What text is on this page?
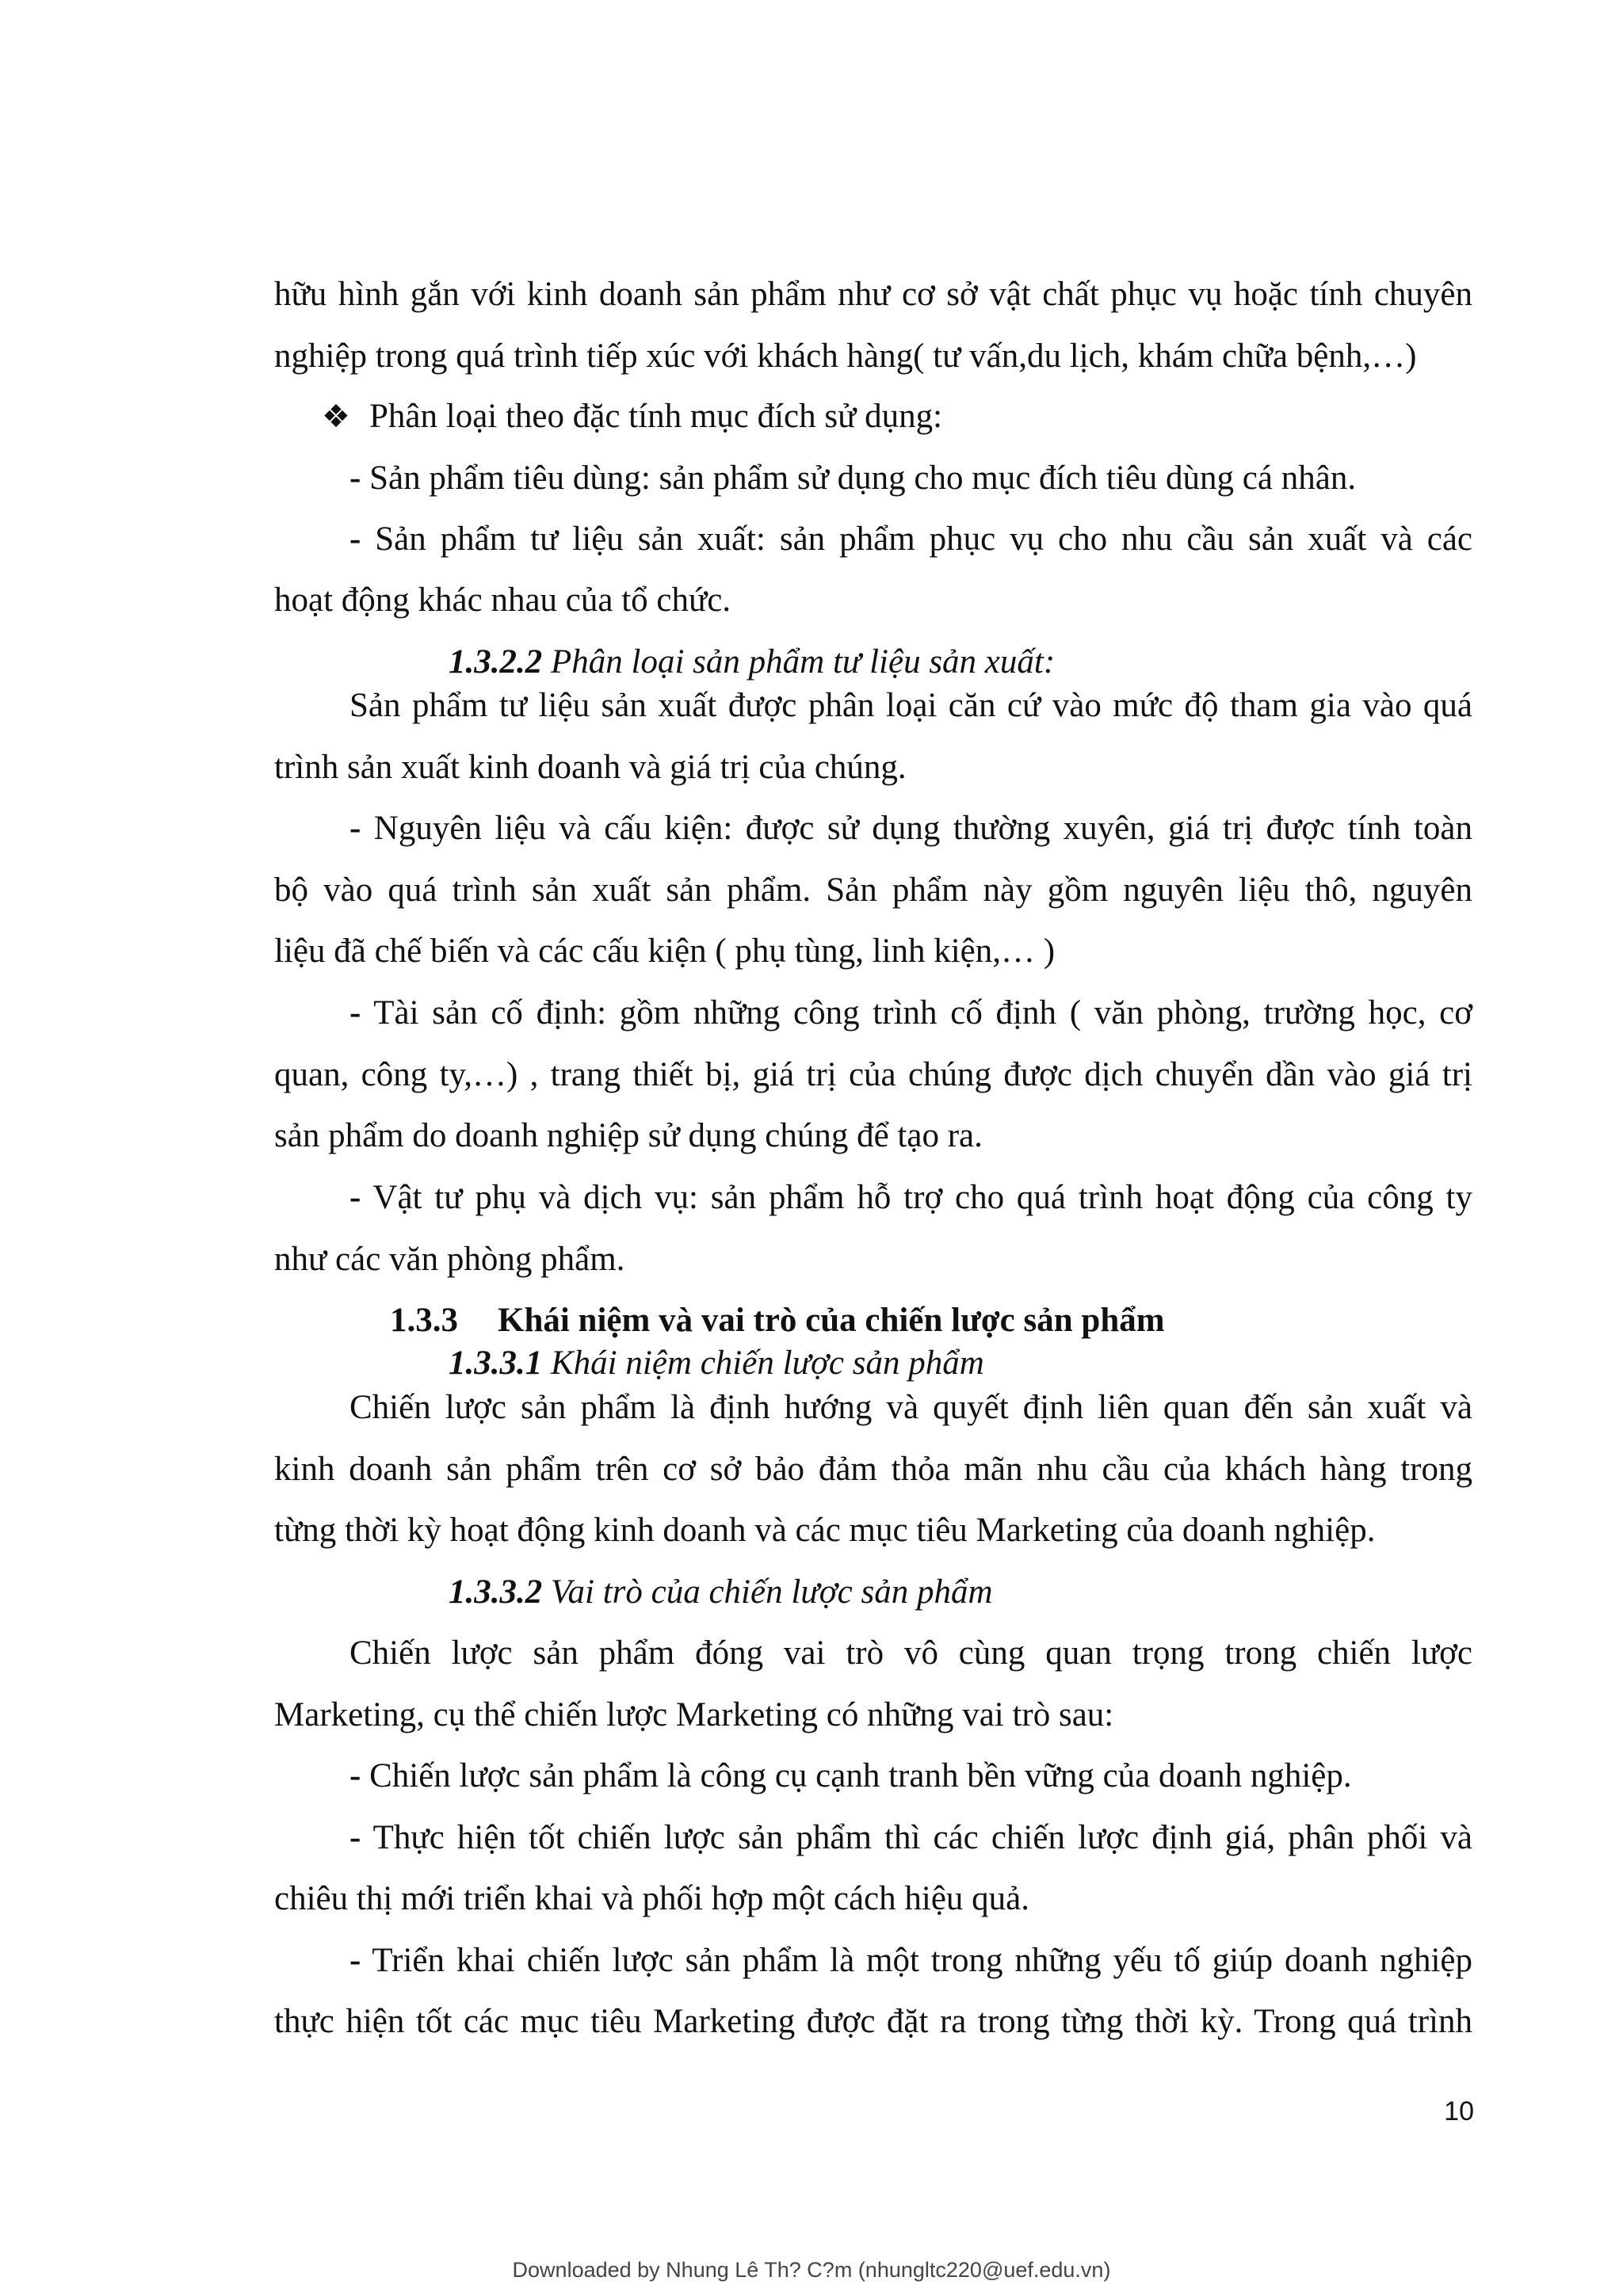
hữu hình gắn với kinh doanh sản phẩm như cơ sở vật chất phục vụ hoặc tính chuyên
nghiệp trong quá trình tiếp xúc với khách hàng( tư vấn,du lịch, khám chữa bệnh,…)
❖ Phân loại theo đặc tính mục đích sử dụng:
- Sản phẩm tiêu dùng: sản phẩm sử dụng cho mục đích tiêu dùng cá nhân.
- Sản phẩm tư liệu sản xuất: sản phẩm phục vụ cho nhu cầu sản xuất và các
hoạt động khác nhau của tổ chức.
1.3.2.2 Phân loại sản phẩm tư liệu sản xuất:
Sản phẩm tư liệu sản xuất được phân loại căn cứ vào mức độ tham gia vào quá
trình sản xuất kinh doanh và giá trị của chúng.
- Nguyên liệu và cấu kiện: được sử dụng thường xuyên, giá trị được tính toàn
bộ vào quá trình sản xuất sản phẩm. Sản phẩm này gồm nguyên liệu thô, nguyên
liệu đã chế biến và các cấu kiện ( phụ tùng, linh kiện,… )
- Tài sản cố định: gồm những công trình cố định ( văn phòng, trường học, cơ
quan, công ty,…) , trang thiết bị, giá trị của chúng được dịch chuyển dần vào giá trị
sản phẩm do doanh nghiệp sử dụng chúng để tạo ra.
- Vật tư phụ và dịch vụ: sản phẩm hỗ trợ cho quá trình hoạt động của công ty
như các văn phòng phẩm.
1.3.3 Khái niệm và vai trò của chiến lược sản phẩm
1.3.3.1 Khái niệm chiến lược sản phẩm
Chiến lược sản phẩm là định hướng và quyết định liên quan đến sản xuất và
kinh doanh sản phẩm trên cơ sở bảo đảm thỏa mãn nhu cầu của khách hàng trong
từng thời kỳ hoạt động kinh doanh và các mục tiêu Marketing của doanh nghiệp.
1.3.3.2 Vai trò của chiến lược sản phẩm
Chiến lược sản phẩm đóng vai trò vô cùng quan trọng trong chiến lược
Marketing, cụ thể chiến lược Marketing có những vai trò sau:
- Chiến lược sản phẩm là công cụ cạnh tranh bền vững của doanh nghiệp.
- Thực hiện tốt chiến lược sản phẩm thì các chiến lược định giá, phân phối và
chiêu thị mới triển khai và phối hợp một cách hiệu quả.
- Triển khai chiến lược sản phẩm là một trong những yếu tố giúp doanh nghiệp
thực hiện tốt các mục tiêu Marketing được đặt ra trong từng thời kỳ. Trong quá trình
10
Downloaded by Nhung Lê Th? C?m (nhungltc220@uef.edu.vn)
